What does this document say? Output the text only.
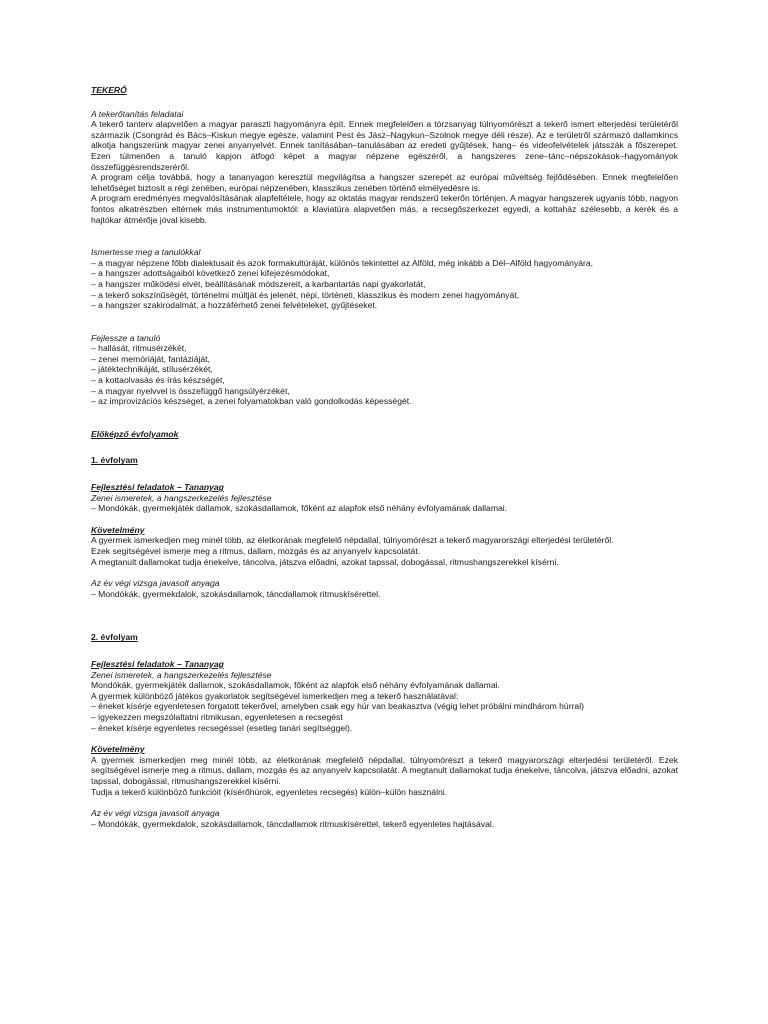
TEKERŐ
A tekerőtanítás feladatai
A tekerő tanterv alapvetően a magyar paraszti hagyományra épít. Ennek megfelelően a törzsanyag túlnyomórészt a tekerő ismert elterjedési területéről származik (Csongrád és Bács–Kiskun megye egésze, valamint Pest és Jász–Nagykun–Szolnok megye déli része). Az e területről származó dallamkincs alkotja hangszerünk magyar zenei anyanyelvét. Ennek tanításában–tanulásában az eredeti gyűjtések, hang– és videofelvételek játsszák a főszerepet. Ezen túlmenően a tanuló kapjon átfogó képet a magyar népzene egészéről, a hangszeres zene–tánc–népszokások–hagyományok összefüggésrendszeréről.
A program célja továbbá, hogy a tananyagon keresztül megvilágítsa a hangszer szerepét az európai műveltség fejlődésében. Ennek megfelelően lehetőséget biztosít a régi zenében, európai népzenében, klasszikus zenében történő elmélyedésre is.
A program eredményes megvalósításának alapfeltétele, hogy az oktatás magyar rendszerű tekerőn történjen. A magyar hangszerek ugyanis több, nagyon fontos alkatrészben eltérnek más instrumentumoktól: a klaviatúra alapvetően más, a recsegőszerkezet egyedi, a kottaház szélesebb, a kerék és a hajtókar átmérője jóval kisebb.
Ismertesse meg a tanulókkal
– a magyar népzene főbb dialektusait és azok formakultúráját, különös tekintettel az Alföld, még inkább a Dél–Alföld hagyományára,
– a hangszer adottságaiból következő zenei kifejezésmódokat,
– a hangszer működési elvét, beállításának módszereit, a karbantartás napi gyakorlatát,
– a tekerő sokszínűségét, történelmi múltját és jelenét, népi, történeti, klasszikus és modern zenei hagyományát,
– a hangszer szakirodalmát, a hozzáférhető zenei felvételeket, gyűjtéseket.
Fejlessze a tanuló
– hallását, ritmusérzékét,
– zenei memóriáját, fantáziáját,
– játéktechnikáját, stílusérzékét,
– a kottaolvasás és írás készségét,
– a magyar nyelvvel is összefüggő hangsúlyérzékét,
– az improvizációs készséget, a zenei folyamatokban való gondolkodás képességét.
Előképző évfolyamok
1. évfolyam
Fejlesztési feladatok – Tananyag
Zenei ismeretek, a hangszerkezelés fejlesztése
– Mondókák, gyermekjáték dallamok, szokásdallamok, főként az alapfok első néhány évfolyamának dallamai.
Követelmény
A gyermek ismerkedjen meg minél több, az életkorának megfelelő népdallal, túlnyomórészt a tekerő magyarországi elterjedési területéről.
Ezek segítségével ismerje meg a ritmus, dallam, mozgás és az anyanyelv kapcsolatát.
A megtanult dallamokat tudja énekelve, táncolva, játszva előadni, azokat tapssal, dobogással, ritmushangszerekkel kísérni.
Az év végi vizsga javasolt anyaga
– Mondókák, gyermekdalok, szokásdallamok, táncdallamok ritmuskísérettel.
2. évfolyam
Fejlesztési feladatok – Tananyag
Zenei ismeretek, a hangszerkezelés fejlesztése
Mondókák, gyermekjáték dallamok, szokásdallamok, főként az alapfok első néhány évfolyamának dallamai.
A gyermek különböző játékos gyakorlatok segítségével ismerkedjen meg a tekerő használatával:
– éneket kísérje egyenletesen forgatott tekerővel, amelyben csak egy húr van beakasztva (végig lehet próbálni mindhárom húrral)
– igyekezzen megszólaltatni ritmikusan, egyenletesen a recsegést
– éneket kísérje egyenletes recsegéssel (esetleg tanári segítséggel).
Követelmény
A gyermek ismerkedjen meg minél több, az életkorának megfelelő népdallal, túlnyomórészt a tekerő magyarországi elterjedési területéről. Ezek segítségével ismerje meg a ritmus, dallam, mozgás és az anyanyelv kapcsolatát. A megtanult dallamokat tudja énekelve, táncolva, játszva előadni, azokat tapssal, dobogással, ritmushangszerekkel kísérni.
Tudja a tekerő különböző funkcióit (kísérőhúrok, egyenletes recsegés) külön–külön használni.
Az év végi vizsga javasolt anyaga
– Mondókák, gyermekdalok, szokásdallamok, táncdallamok ritmuskísérettel, tekerő egyenletes hajtásával.
